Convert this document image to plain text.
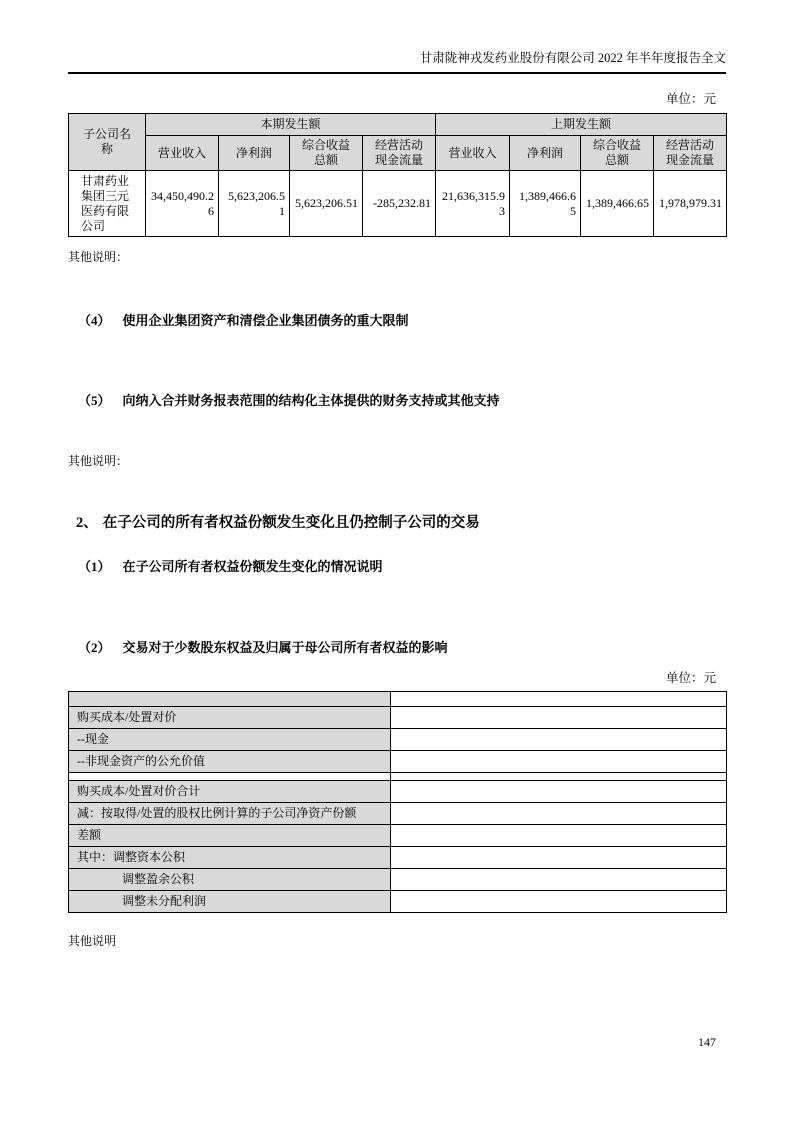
甘肃陇神戎发药业股份有限公司 2022 年半年度报告全文
单位：元
子公司名称	本期发生额				上期发生额			
	营业收入	净利润	综合收益总额	经营活动现金流量	营业收入	净利润	综合收益总额	经营活动现金流量
甘肃药业集团三元医药有限公司	34,450,490.26	5,623,206.51	5,623,206.51	-285,232.81	21,636,315.93	1,389,466.65	1,389,466.65	1,978,979.31
其他说明：
（4） 使用企业集团资产和清偿企业集团债务的重大限制
（5） 向纳入合并财务报表范围的结构化主体提供的财务支持或其他支持
其他说明：
2、 在子公司的所有者权益份额发生变化且仍控制子公司的交易
（1） 在子公司所有者权益份额发生变化的情况说明
（2） 交易对于少数股东权益及归属于母公司所有者权益的影响
单位：元

购买成本/处置对价	
--现金	
--非现金资产的公允价值	

购买成本/处置对价合计	
减：按取得/处置的股权比例计算的子公司净资产份额	
差额	
其中：调整资本公积	
调整盈余公积	
调整未分配利润	
其他说明
147
